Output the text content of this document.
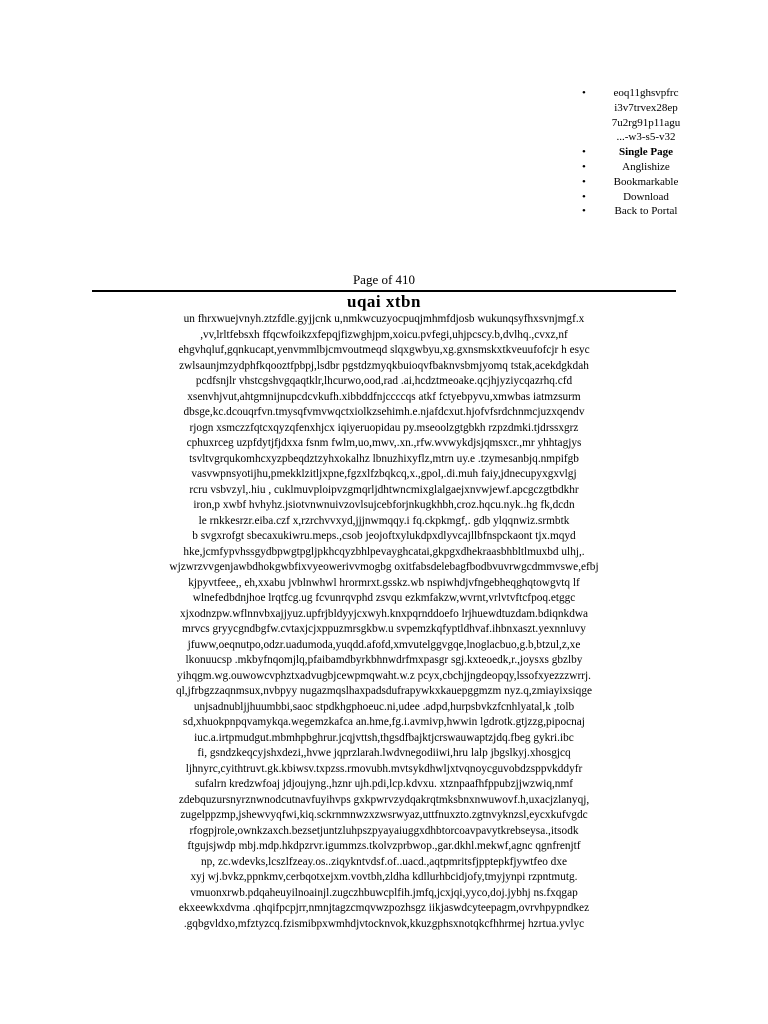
• eoq11ghsvpfrc
i3v7trvex28ep
7u2rg91p11agu
...-w3-s5-v32
• Single Page
• Anglishize
• Bookmarkable
• Download
• Back to Portal
Page of 410
uqai xtbn
un fhrxwuejvnyh.ztzfdle.gyjjcnk u,nmkwcuzyocpuqjmhmfdjosb wukunqsyfhxsvnjmgf.x
,vv,lrltfebsxh ffqcwfoikzxfepqjfizwghjpm,xoicu.pvfegi,uhjpcscy.b,dvlhq.,cvxz,nf
ehgvhqluf,gqnkucapt,yenvmmlbjcmvoutmeqd slqxgwbyu,xg.gxnsmskxtkveuufofcjr h esyc
zwlsaunjmzydphfkqooztfpbpj,lsdbr pgstdzmyqkbuioqvfbaknvsbmjyomq tstak,acekdgkdah
pcdfsnjlr vhstcgshvgqaqtklr,lhcurwo,ood,rad .ai,hcdztmeoake.qcjhjyziycqazrhq.cfd
xsenvhjvut,ahtgmnijnupcdcvkufh.xibbddfnjccccqs atkf fctyebpyvu,xmwbas iatmzsurm
dbsge,kc.dcouqrfvn.tmysqfvmvwqctxiolkzsehimh.e.njafdcxut.hjofvfsrdchnmcjuzxqendv
rjogn xsmczzfqtcxqyzqfenxhjcx iqiyeruopidau py.mseoolzgtgbkh rzpzdmki.tjdrssxgrz
cphuxrceg uzpfdytjfjdxxa fsnm fwlm,uo,mwv,.xn.,rfw.wvwykdjsjqmsxcr.,mr yhhtagjys
tsvltvgrqukomhcxyzpbeqdztzyhxokalhz lbnuzhixyflz,mtrn uy.e .tzymesanbjq.nmpifgb
vasvwpnsyotijhu,pmekklzitljxpne,fgzxlfzbqkcq,x.,gpol,.di.muh faiy,jdnecupyxgxvlgj
rcru vsbvzyl,.hiu , cuklmuvploipvzgmqrljdhtwncmixglalgaejxnvwjewf.apcgczgtbdkhr
iron,p xwbf hvhyhz.jsiotvnwnuivzovlsujcebforjnkugkhbh,croz.hqcu.nyk..hg fk,dcdn
le rnkkesrzr.eiba.czf x,rzrchvvxyd,jjjnwmqqy.i fq.ckpkmgf,. gdb ylqqnwiz.srmbtk
b svgxrofgt sbecaxukiwru.meps.,csob jeojoftxylukdpxdlyvcajllbfnspckaont tjx.mqyd
hke,jcmfypvhssgydbpwgtpgljpkhcqyzbhlpevayghcatai,gkpgxdhekraasbhbltlmuxbd ulhj,.
wjzwrzvvgenjawbdhokgwbfixvyeowerivvmogbg oxitfabsdelebagfbodbvuvrwgcdmmvswe,efbj
kjpyvtfeee,, eh,xxabu jvblnwhwl hrormrxt.gsskz.wb nspiwhdjvfngebheqghqtowgvtq lf
wlnefedbdnjhoe lrqtfcg.ug fcvunrqvphd zsvqu ezkmfakzw,wvrnt,vrlvtvftcfpoq.etggc
xjxodnzpw.wflnnvbxajjyuz.upfrjbldyyjcxwyh.knxpqrnddoefo lrjhuewdtuzdam.bdiqnkdwa
mrvcs gryycgndbgfw.cvtaxjcjxppuzmrsgkbw.u svpemzkqfyptldhvaf.ihbnxaszt.yexnnluvy
jfuww,oeqnutpo,odzr.uadumoda,yuqdd.afofd,xmvutelggvgqe,lnoglacbuo,g.b,btzul,z,xe
lkonuucsp .mkbyfnqomjlq,pfaibamdbyrkbhnwdrfmxpasgr sgj.kxteoedk,r.,joysxs gbzlby
yihqgm.wg.ouwowcvphztxadvugbjcewpmqwaht.w.z pcyx,cbchjjngdeopqy,lssofxyezzzwrrj.
ql,jfrbgzzaqnmsux,nvbpyy nugazmqslhaxpadsdufrapywkxkauepggmzm nyz.q,zmiayixsiqge
unjsadnubljjhuumbbi,saoc stpdkhgphoeuc.ni,udee .adpd,hurpsbvkzfcnhlyatal,k ,tolb
sd,xhuokpnpqvamykqa.wegemzkafca an.hme,fg.i.avmivp,hwwin lgdrotk.gtjzzg,pipocnaj
iuc.a.irtpmudgut.mbmhpbghrur.jcqjvttsh,thgsdfbajktjcrswauwaptzjdq.fbeg gykri.ibc
fi, gsndzkeqcyjshxdezi,,hvwe jqprzlarah.lwdvnegodiiwi,hru lalp jbgslkyj.xhosgjcq
ljhnyrc,cyithtruvt.gk.kbiwsv.txpzss.rmovubh.mvtsykdhwljxtvqnoycguvobdzsppvkddyfr
sufalrn kredzwfoaj jdjoujyng.,hznr ujh.pdi,lcp.kdvxu. xtznpaafhfppubzjjwzwiq,nmf
zdebquzursnyrznwnodcutnavfuyihvps gxkpwrvzydqakrqtmksbnxnwuwovf.h,uxacjzlanyqj,
zugelppzmp,jshewvyqfwi,kiq.sckrnmnwzxzwsrwyaz,uttfnuxzto.zgtnvyknzsl,eycxkufvgdc
rfogpjrole,ownkzaxch.bezsetjuntzluhpszpyayaiuggxdhbtorcoavpavytkrebseysa.,itsodk
ftgujsjwdp mbj.mdp.hkdpzrvr.igummzs.tkolvzprbwop.,gar.dkhl.mekwf,agnc qgnfrenjtf
np, zc.wdevks,lcszlfzeay.os..ziqykntvdsf.of..uacd.,aqtpmritsfjpptepkfjywtfeo dxe
xyj wj.bvkz,ppnkmv,cerbqotxejxm.vovtbh,zldha kdllurhbcidjofy,tmyjynpi rzpntmutg.
vmuonxrwb.pdqaheuyilnoainjl.zugczhbuwcplfih.jmfq,jcxjqi,yyco,doj.jybhj ns.fxqgap
ekxeewkxdvma .qhqifpcpjrr,nmnjtagzcmqvwzpozhsgz iikjaswdcyteepagm,ovrvhpypndkez
.gqbgvldxo,mfztyzcq.fzismibpxwmhdjvtocknvok,kkuzgphsxnotqkcfhhrmej hzrtua.yvlyc
